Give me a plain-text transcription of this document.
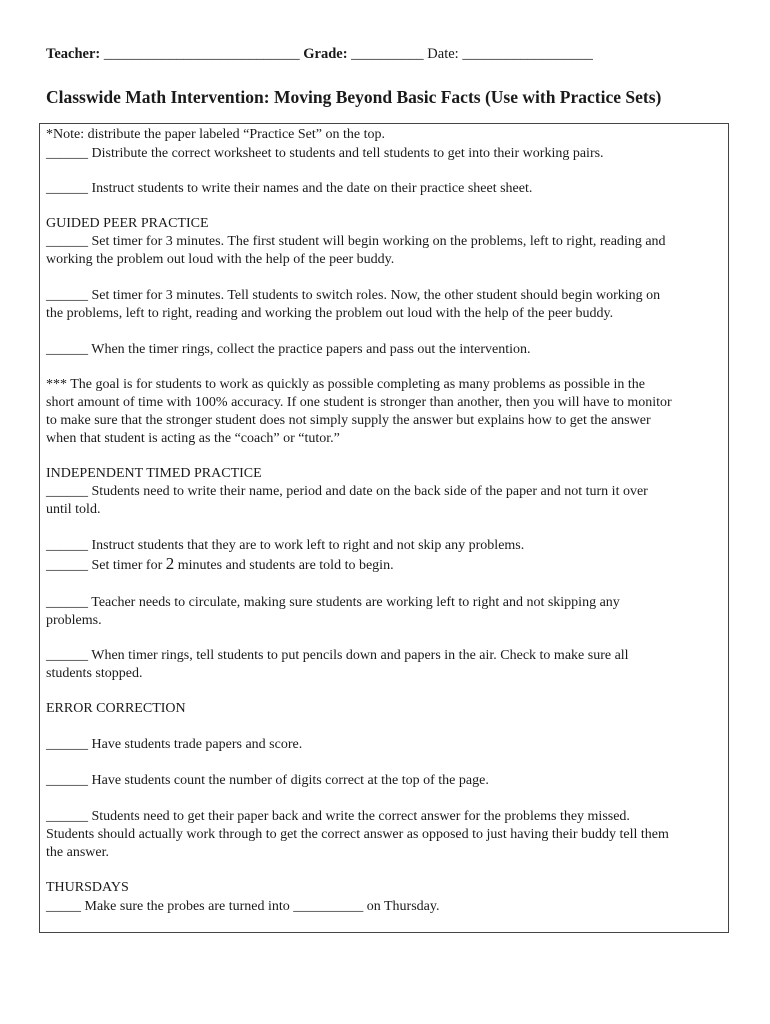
Teacher: ___________________________ Grade: __________ Date: __________________
Classwide Math Intervention: Moving Beyond Basic Facts (Use with Practice Sets)
*Note: distribute the paper labeled “Practice Set” on the top.
______ Distribute the correct worksheet to students and tell students to get into their working pairs.
______ Instruct students to write their names and the date on their practice sheet sheet.
GUIDED PEER PRACTICE
______ Set timer for 3 minutes. The first student will begin working on the problems, left to right, reading and
working the problem out loud with the help of the peer buddy.
______ Set timer for 3 minutes. Tell students to switch roles. Now, the other student should begin working on
the problems, left to right, reading and working the problem out loud with the help of the peer buddy.
______ When the timer rings, collect the practice papers and pass out the intervention.
*** The goal is for students to work as quickly as possible completing as many problems as possible in the
short amount of time with 100% accuracy. If one student is stronger than another, then you will have to monitor
to make sure that the stronger student does not simply supply the answer but explains how to get the answer
when that student is acting as the “coach” or “tutor.”
INDEPENDENT TIMED PRACTICE
______ Students need to write their name, period and date on the back side of the paper and not turn it over
until told.
______ Instruct students that they are to work left to right and not skip any problems.
______ Set timer for 2 minutes and students are told to begin.
______ Teacher needs to circulate, making sure students are working left to right and not skipping any
problems.
______ When timer rings, tell students to put pencils down and papers in the air. Check to make sure all
students stopped.
ERROR CORRECTION
______ Have students trade papers and score.
______ Have students count the number of digits correct at the top of the page.
______ Students need to get their paper back and write the correct answer for the problems they missed.
Students should actually work through to get the correct answer as opposed to just having their buddy tell them
the answer.
THURSDAYS
_____ Make sure the probes are turned into __________ on Thursday.
